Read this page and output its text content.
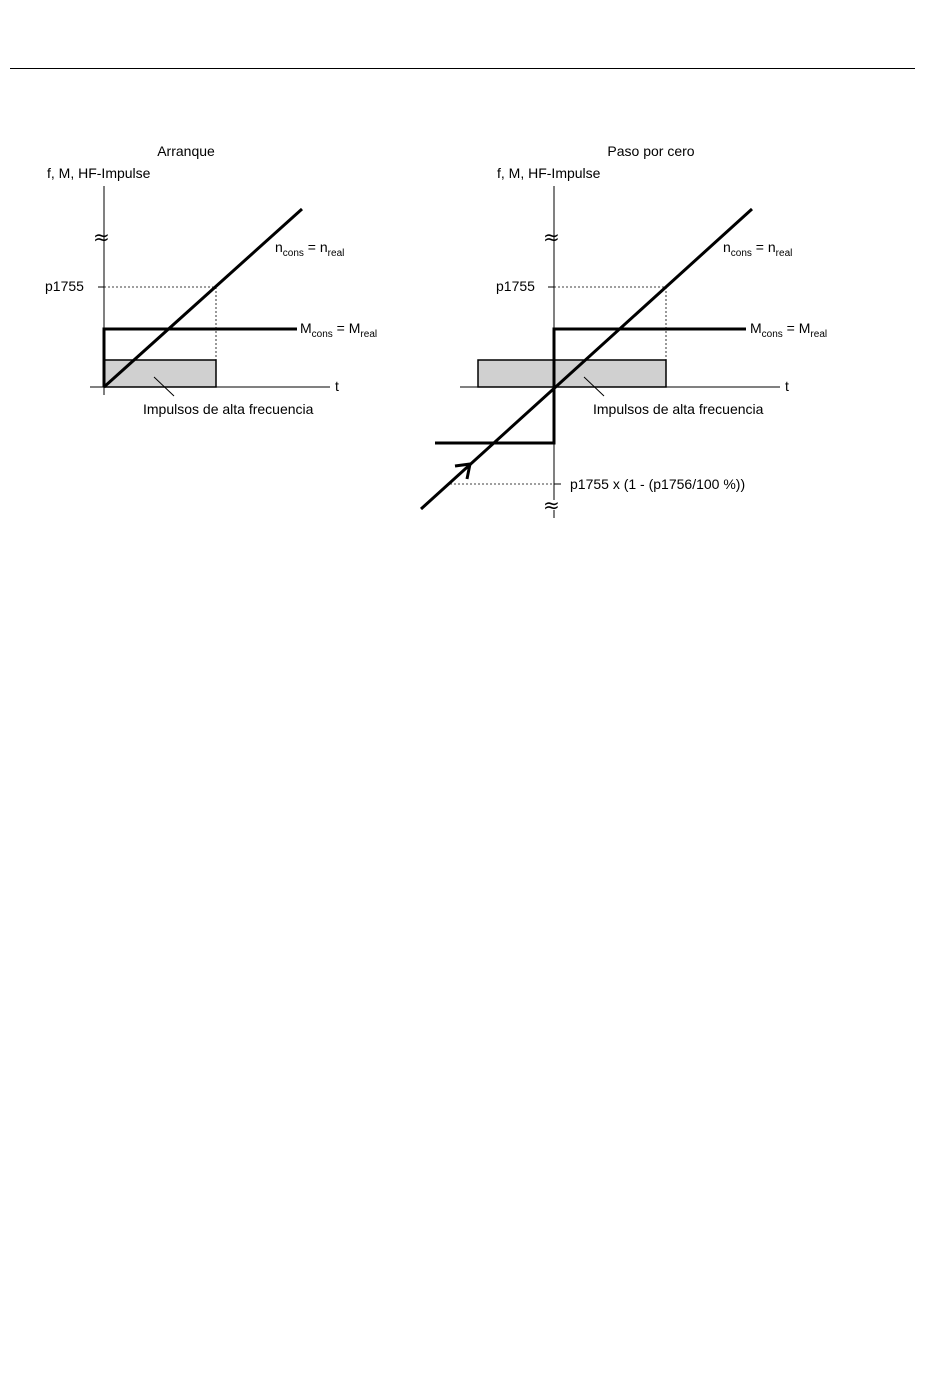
Arranque
f, M, HF-Impulse
≈
t
p1755
$n_{cons} = n_{real}$
$M_{cons} = M_{real}$
Impulsos de alta frecuencia
Paso por cero
f, M, HF-Impulse
≈
≈
t
p1755
p1755 x (1 - (p1756/100 %))
$n_{cons} = n_{real}$
$M_{cons} = M_{real}$
Impulsos de alta frecuencia
